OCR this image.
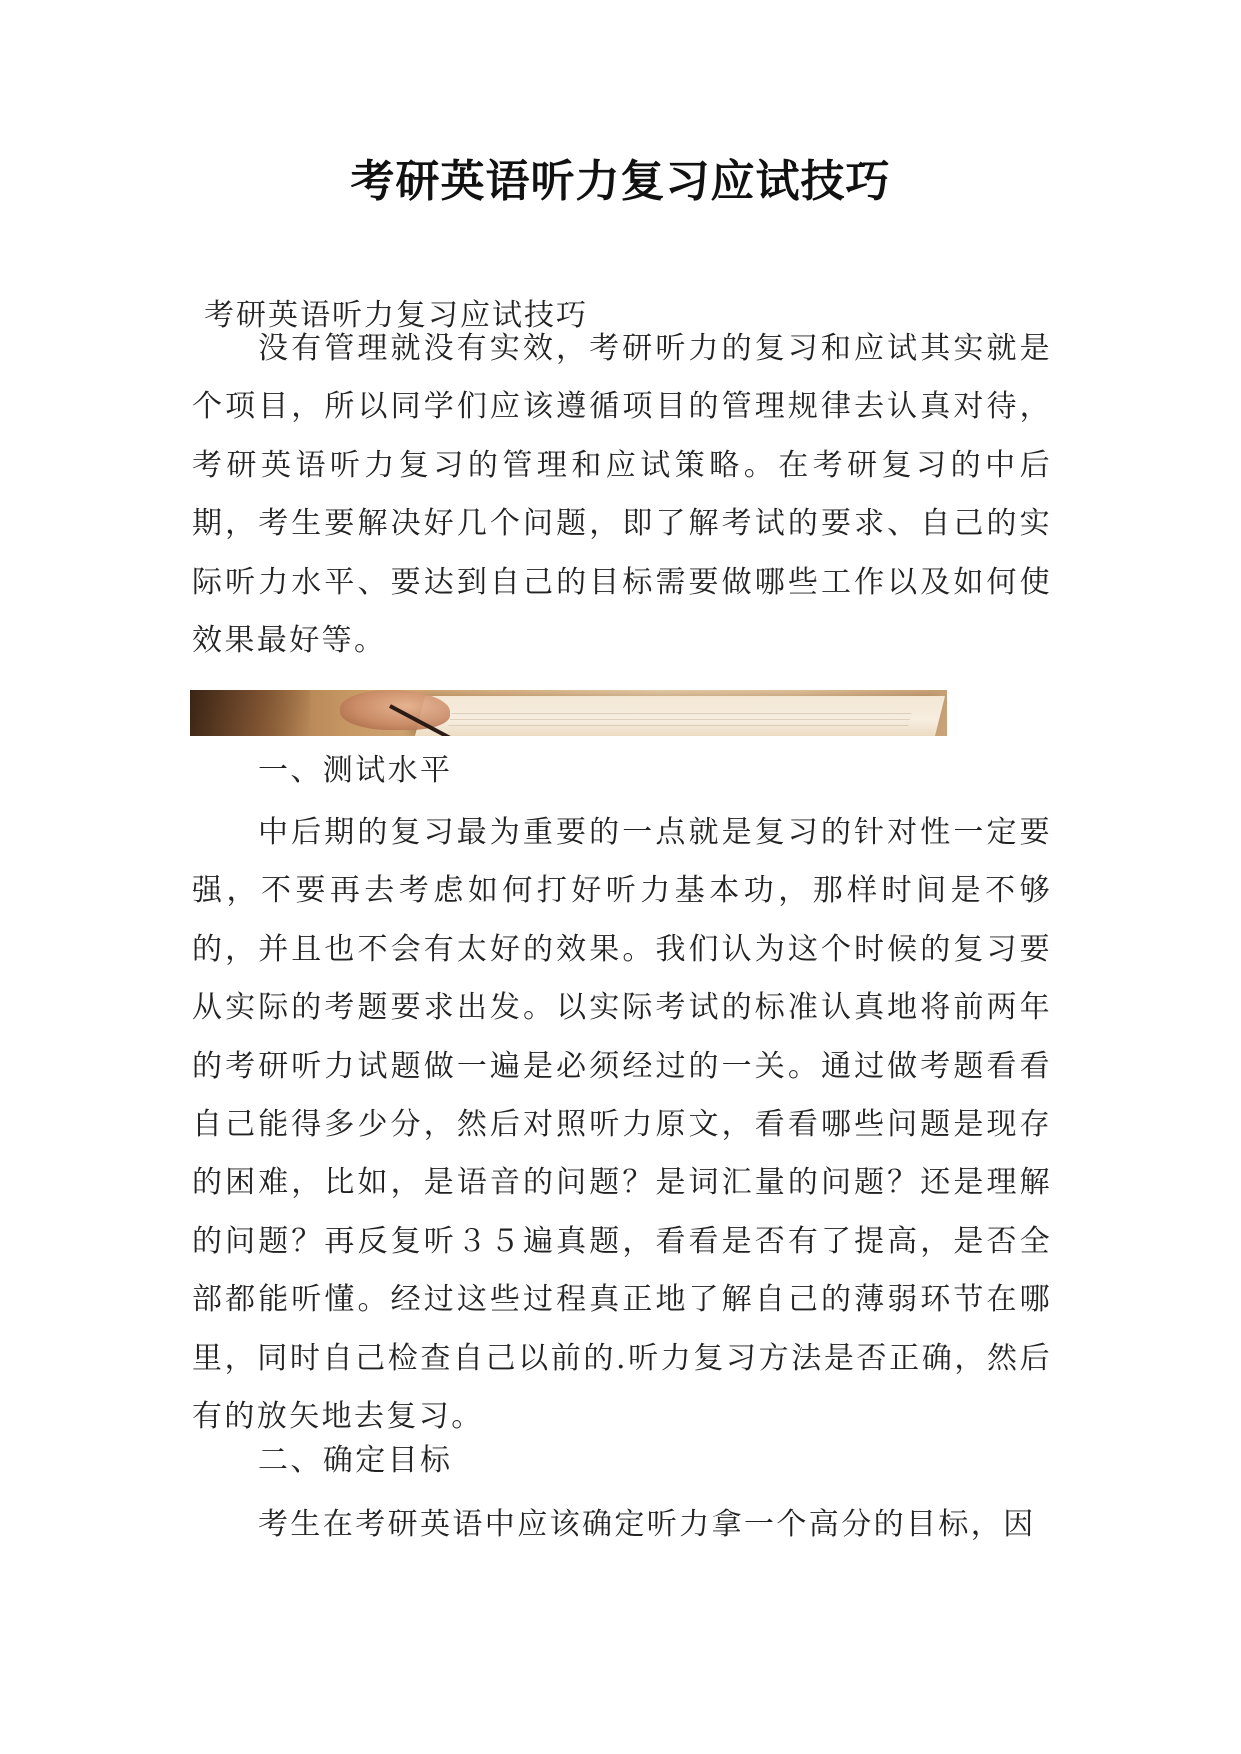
考研英语听力复习应试技巧
考研英语听力复习应试技巧

没有管理就没有实效，考研听力的复习和应试其实就是个项目，所以同学们应该遵循项目的管理规律去认真对待，考研英语听力复习的管理和应试策略。在考研复习的中后期，考生要解决好几个问题，即了解考试的要求、自己的实际听力水平、要达到自己的目标需要做哪些工作以及如何使效果最好等。

一、测试水平

中后期的复习最为重要的一点就是复习的针对性一定要强，不要再去考虑如何打好听力基本功，那样时间是不够的，并且也不会有太好的效果。我们认为这个时候的复习要从实际的考题要求出发。以实际考试的标准认真地将前两年的考研听力试题做一遍是必须经过的一关。通过做考题看看自己能得多少分，然后对照听力原文，看看哪些问题是现存的困难，比如，是语音的问题？是词汇量的问题？还是理解的问题？再反复听３５遍真题，看看是否有了提高，是否全部都能听懂。经过这些过程真正地了解自己的薄弱环节在哪里，同时自己检查自己以前的.听力复习方法是否正确，然后有的放矢地去复习。

二、确定目标

考生在考研英语中应该确定听力拿一个高分的目标，因
